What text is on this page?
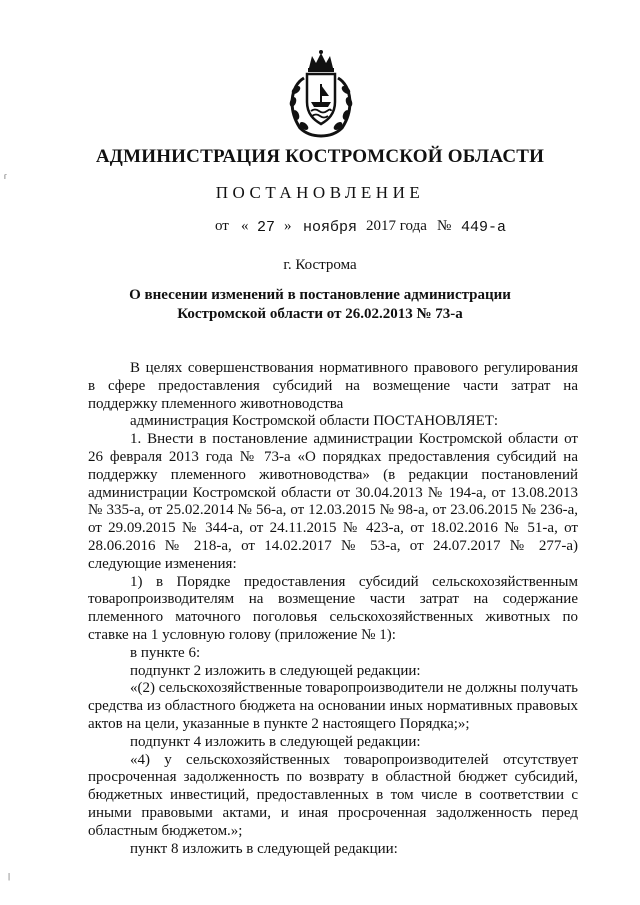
г
|
АДМИНИСТРАЦИЯ КОСТРОМСКОЙ ОБЛАСТИ
ПОСТАНОВЛЕНИЕ
от « 27 » ноября 2017 года № 449-а
г. Кострома
О внесении изменений в постановление администрации
Костромской области от 26.02.2013 № 73-а

В целях совершенствования нормативного правового регулирования в сфере предоставления субсидий на возмещение части затрат на поддержку племенного животноводства

администрация Костромской области ПОСТАНОВЛЯЕТ:

1. Внести в постановление администрации Костромской области от 26 февраля 2013 года № 73-а «О порядках предоставления субсидий на поддержку племенного животноводства» (в редакции постановлений администрации Костромской области от 30.04.2013 № 194-а, от 13.08.2013 № 335-а, от 25.02.2014 № 56-а, от 12.03.2015 № 98-а, от 23.06.2015 № 236-а, от 29.09.2015 № 344-а, от 24.11.2015 № 423-а, от 18.02.2016 № 51-а, от 28.06.2016 № 218-а, от 14.02.2017 № 53-а, от 24.07.2017 № 277-а) следующие изменения:

1) в Порядке предоставления субсидий сельскохозяйственным товаропроизводителям на возмещение части затрат на содержание племенного маточного поголовья сельскохозяйственных животных по ставке на 1 условную голову (приложение № 1):

в пункте 6:

подпункт 2 изложить в следующей редакции:

«(2) сельскохозяйственные товаропроизводители не должны получать средства из областного бюджета на основании иных нормативных правовых актов на цели, указанные в пункте 2 настоящего Порядка;»;

подпункт 4 изложить в следующей редакции:

«4) у сельскохозяйственных товаропроизводителей отсутствует просроченная задолженность по возврату в областной бюджет субсидий, бюджетных инвестиций, предоставленных в том числе в соответствии с иными правовыми актами, и иная просроченная задолженность перед областным бюджетом.»;

пункт 8 изложить в следующей редакции:
